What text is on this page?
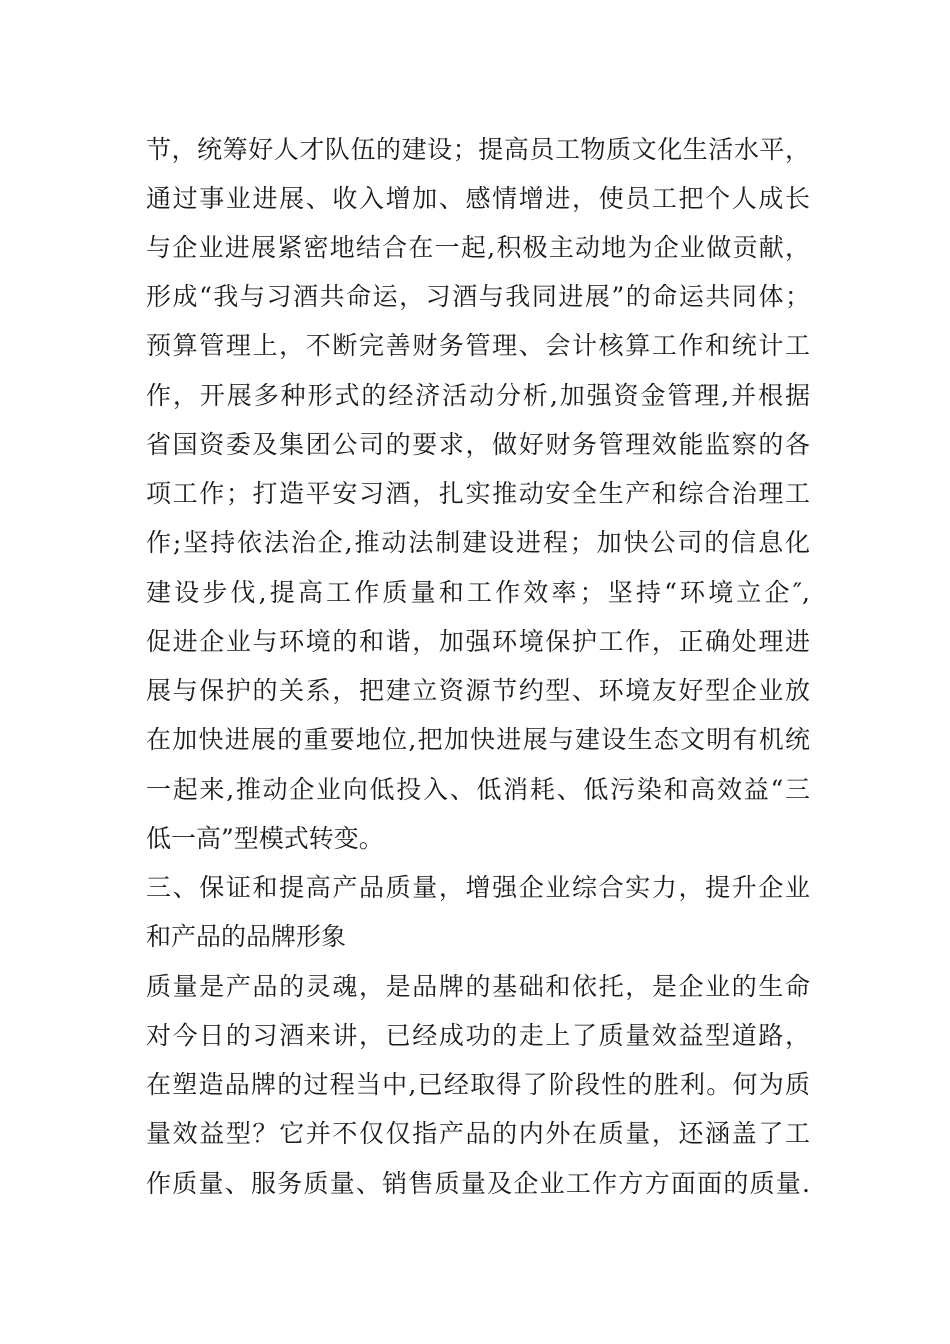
节，统筹好人才队伍的建设；提高员工物质文化生活水平，
通过事业进展、收入增加、感情增进，使员工把个人成长
与企业进展紧密地结合在一起,积极主动地为企业做贡献，
形成“我与习酒共命运，习酒与我同进展”的命运共同体；
预算管理上，不断完善财务管理、会计核算工作和统计工
作，开展多种形式的经济活动分析,加强资金管理,并根据
省国资委及集团公司的要求，做好财务管理效能监察的各
项工作；打造平安习酒，扎实推动安全生产和综合治理工
作;坚持依法治企,推动法制建设进程；加快公司的信息化
建设步伐,提高工作质量和工作效率；坚持“环境立企″,
促进企业与环境的和谐，加强环境保护工作，正确处理进
展与保护的关系，把建立资源节约型、环境友好型企业放
在加快进展的重要地位,把加快进展与建设生态文明有机统
一起来,推动企业向低投入、低消耗、低污染和高效益“三
低一高”型模式转变。
三、保证和提高产品质量，增强企业综合实力，提升企业
和产品的品牌形象
质量是产品的灵魂，是品牌的基础和依托，是企业的生命
对今日的习酒来讲，已经成功的走上了质量效益型道路，
在塑造品牌的过程当中,已经取得了阶段性的胜利。何为质
量效益型？它并不仅仅指产品的内外在质量，还涵盖了工
作质量、服务质量、销售质量及企业工作方方面面的质量.
